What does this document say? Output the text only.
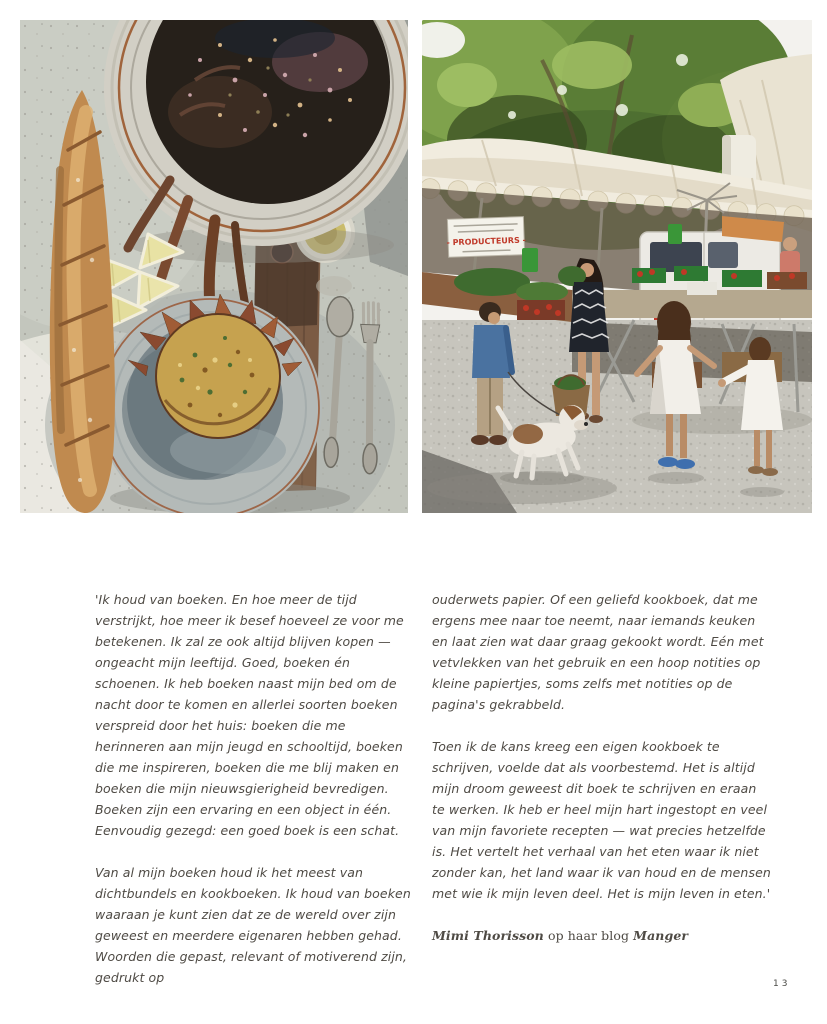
- PRODUCTEURS -

'Ik houd van boeken. En hoe meer de tijd verstrijkt, hoe meer ik besef hoeveel ze voor me betekenen. Ik zal ze ook altijd blijven kopen — ongeacht mijn leeftijd. Goed, boeken én schoenen. Ik heb boeken naast mijn bed om de nacht door te komen en allerlei soorten boeken verspreid door het huis: boeken die me herinneren aan mijn jeugd en schooltijd, boeken die me inspireren, boeken die me blij maken en boeken die mijn nieuwsgierigheid bevredigen. Boeken zijn een ervaring en een object in één. Eenvoudig gezegd: een goed boek is een schat.

Van al mijn boeken houd ik het meest van dichtbundels en kookboeken. Ik houd van boeken waaraan je kunt zien dat ze de wereld over zijn geweest en meerdere eigenaren hebben gehad. Woorden die gepast, relevant of motiverend zijn, gedrukt op

ouderwets papier. Of een geliefd kookboek, dat me ergens mee naar toe neemt, naar iemands keuken en laat zien wat daar graag gekookt wordt. Eén met vetvlekken van het gebruik en een hoop notities op kleine papiertjes, soms zelfs met notities op de pagina's gekrabbeld.

Toen ik de kans kreeg een eigen kookboek te schrijven, voelde dat als voorbestemd. Het is altijd mijn droom geweest dit boek te schrijven en eraan te werken. Ik heb er heel mijn hart ingestopt en veel van mijn favoriete recepten — wat precies hetzelfde is. Het vertelt het verhaal van het eten waar ik niet zonder kan, het land waar ik van houd en de mensen met wie ik mijn leven deel. Het is mijn leven in eten.'

Mimi Thorisson op haar blog Manger

13
